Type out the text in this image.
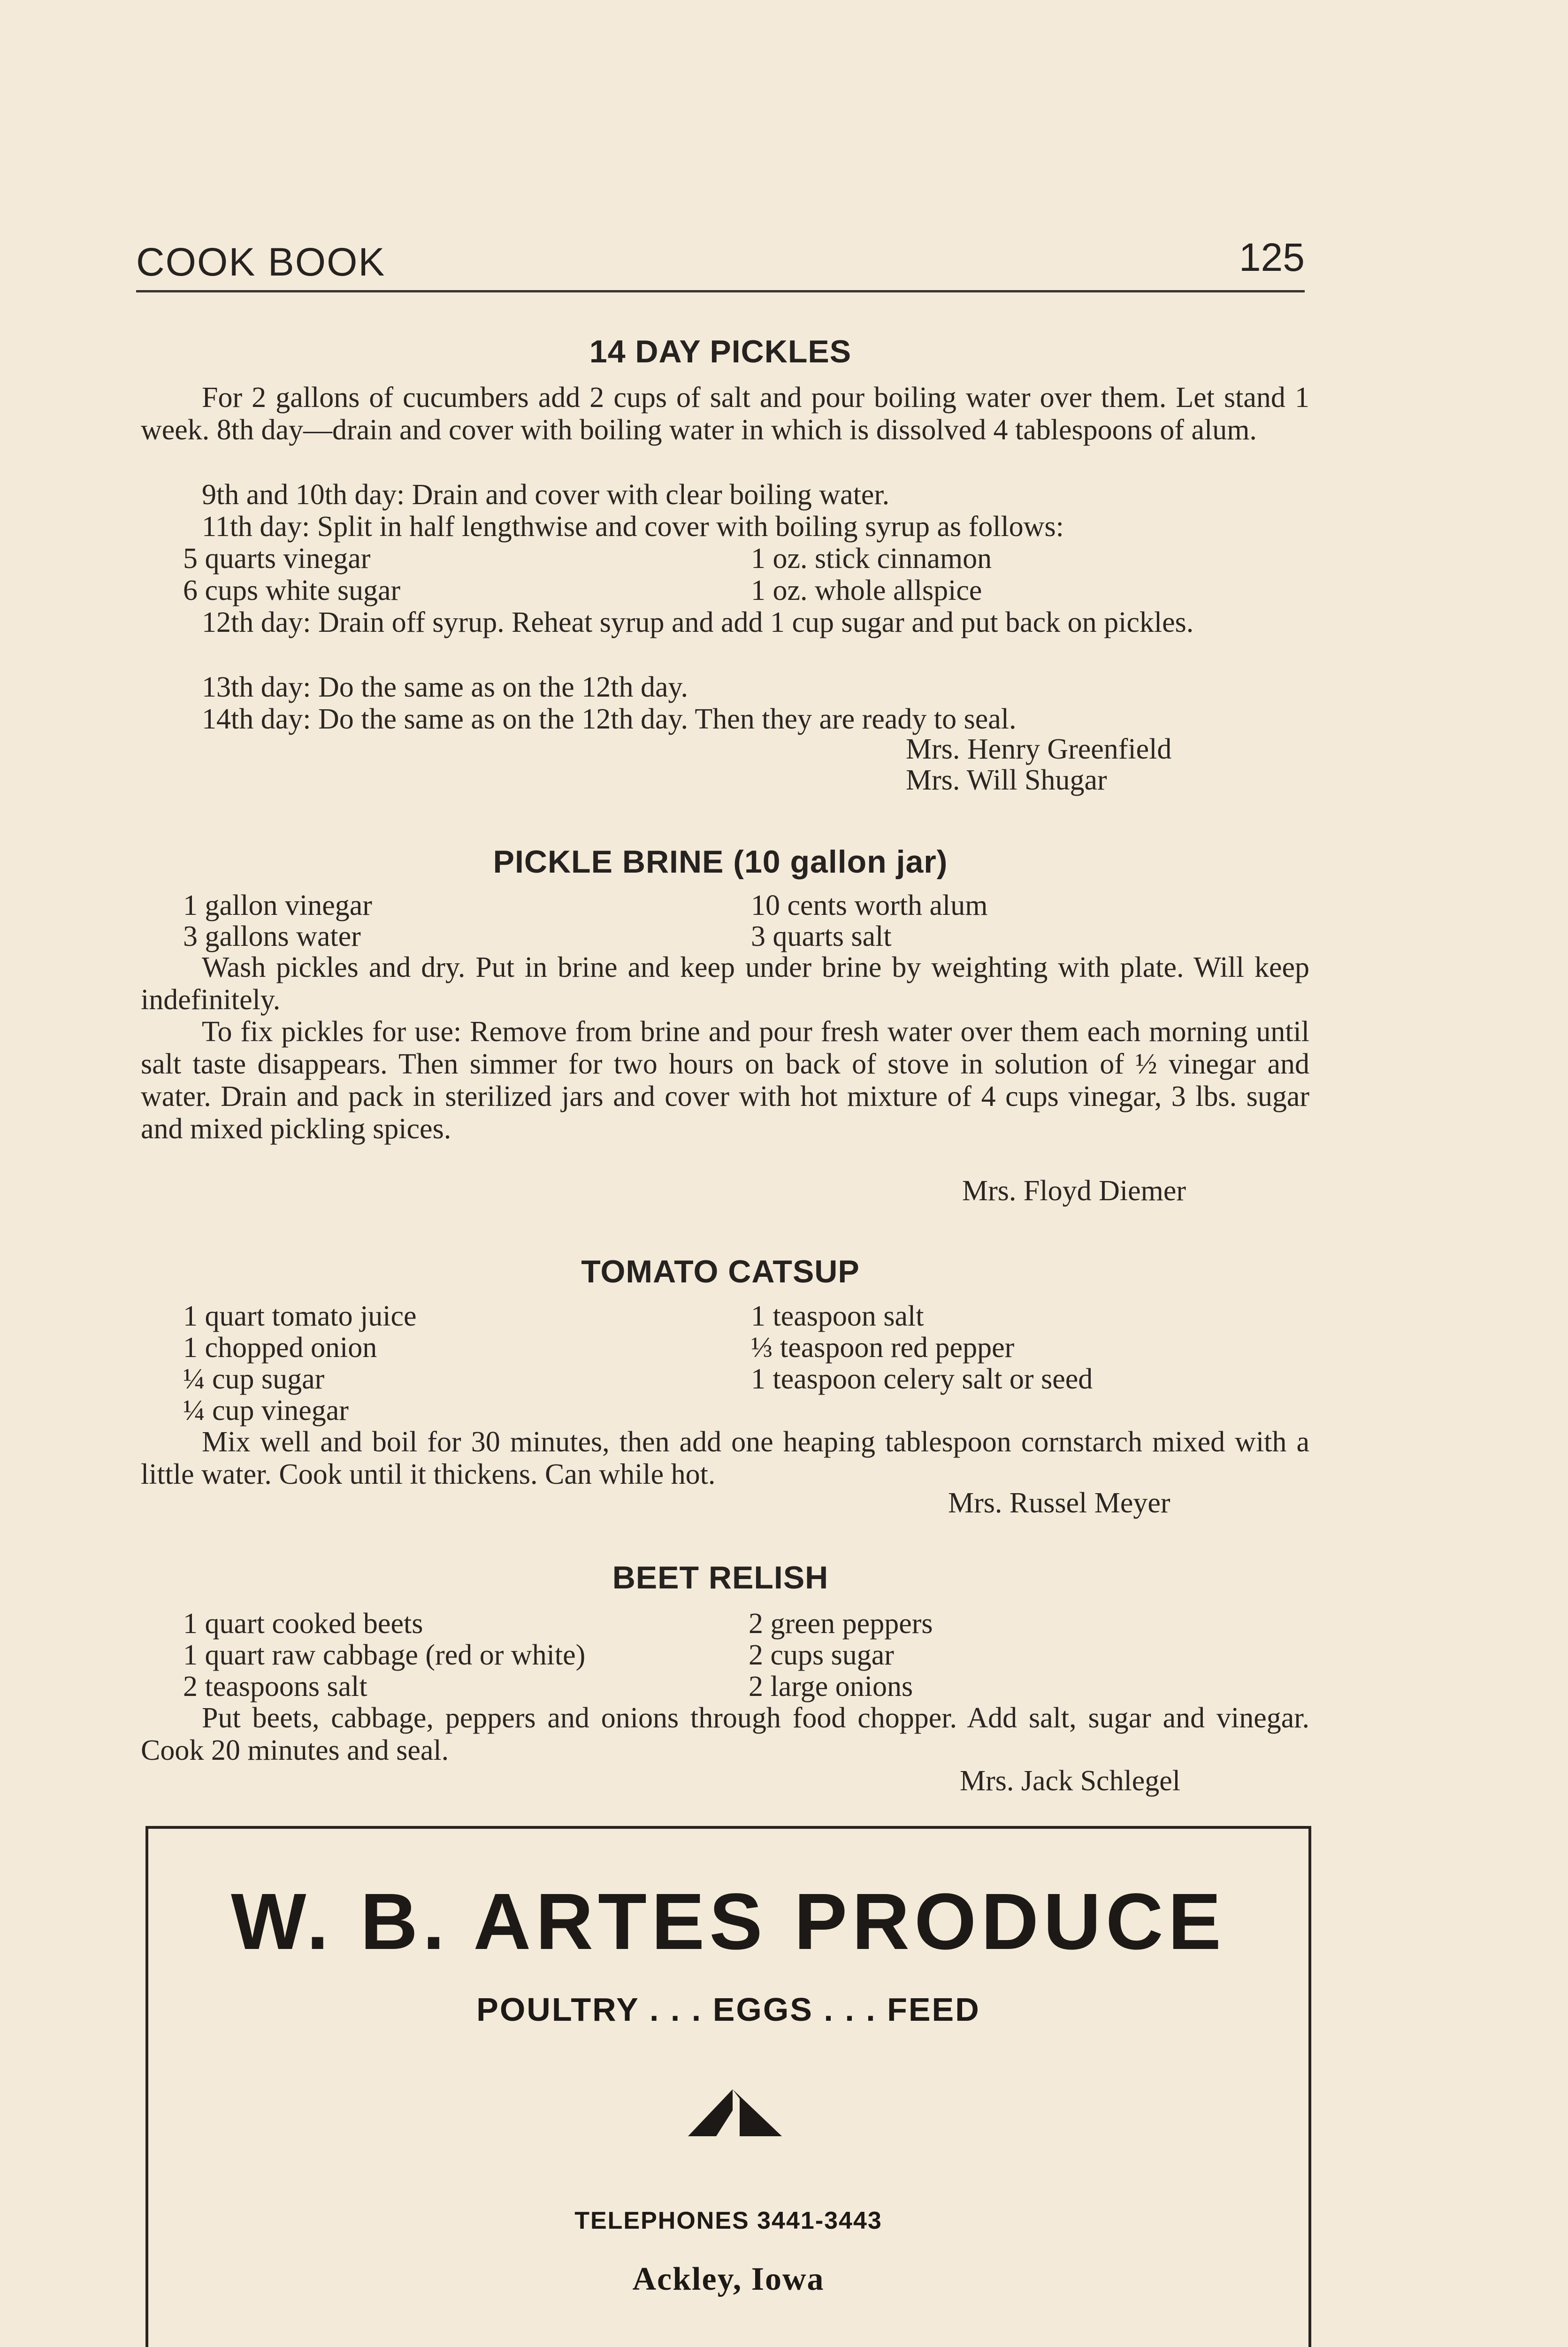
COOK BOOK	125
14 DAY PICKLES
For 2 gallons of cucumbers add 2 cups of salt and pour boiling water over them. Let stand 1 week. 8th day—drain and cover with boiling water in which is dissolved 4 tablespoons of alum.
9th and 10th day: Drain and cover with clear boiling water.
11th day: Split in half lengthwise and cover with boiling syrup as follows:
5 quarts vinegar
6 cups white sugar
1 oz. stick cinnamon
1 oz. whole allspice
12th day: Drain off syrup. Reheat syrup and add 1 cup sugar and put back on pickles.
13th day: Do the same as on the 12th day.
14th day: Do the same as on the 12th day. Then they are ready to seal.
Mrs. Henry Greenfield
Mrs. Will Shugar
PICKLE BRINE (10 gallon jar)
1 gallon vinegar
3 gallons water
10 cents worth alum
3 quarts salt
Wash pickles and dry. Put in brine and keep under brine by weighting with plate. Will keep indefinitely.
To fix pickles for use: Remove from brine and pour fresh water over them each morning until salt taste disappears. Then simmer for two hours on back of stove in solution of ½ vinegar and water. Drain and pack in sterilized jars and cover with hot mixture of 4 cups vinegar, 3 lbs. sugar and mixed pickling spices.
Mrs. Floyd Diemer
TOMATO CATSUP
1 quart tomato juice
1 chopped onion
¼ cup sugar
¼ cup vinegar
1 teaspoon salt
⅓ teaspoon red pepper
1 teaspoon celery salt or seed
Mix well and boil for 30 minutes, then add one heaping tablespoon cornstarch mixed with a little water. Cook until it thickens. Can while hot.
Mrs. Russel Meyer
BEET RELISH
1 quart cooked beets
1 quart raw cabbage (red or white)
2 teaspoons salt
2 green peppers
2 cups sugar
2 large onions
Put beets, cabbage, peppers and onions through food chopper. Add salt, sugar and vinegar. Cook 20 minutes and seal.
Mrs. Jack Schlegel
W. B. ARTES PRODUCE
POULTRY . . . EGGS . . . FEED
TELEPHONES 3441-3443
Ackley, Iowa
